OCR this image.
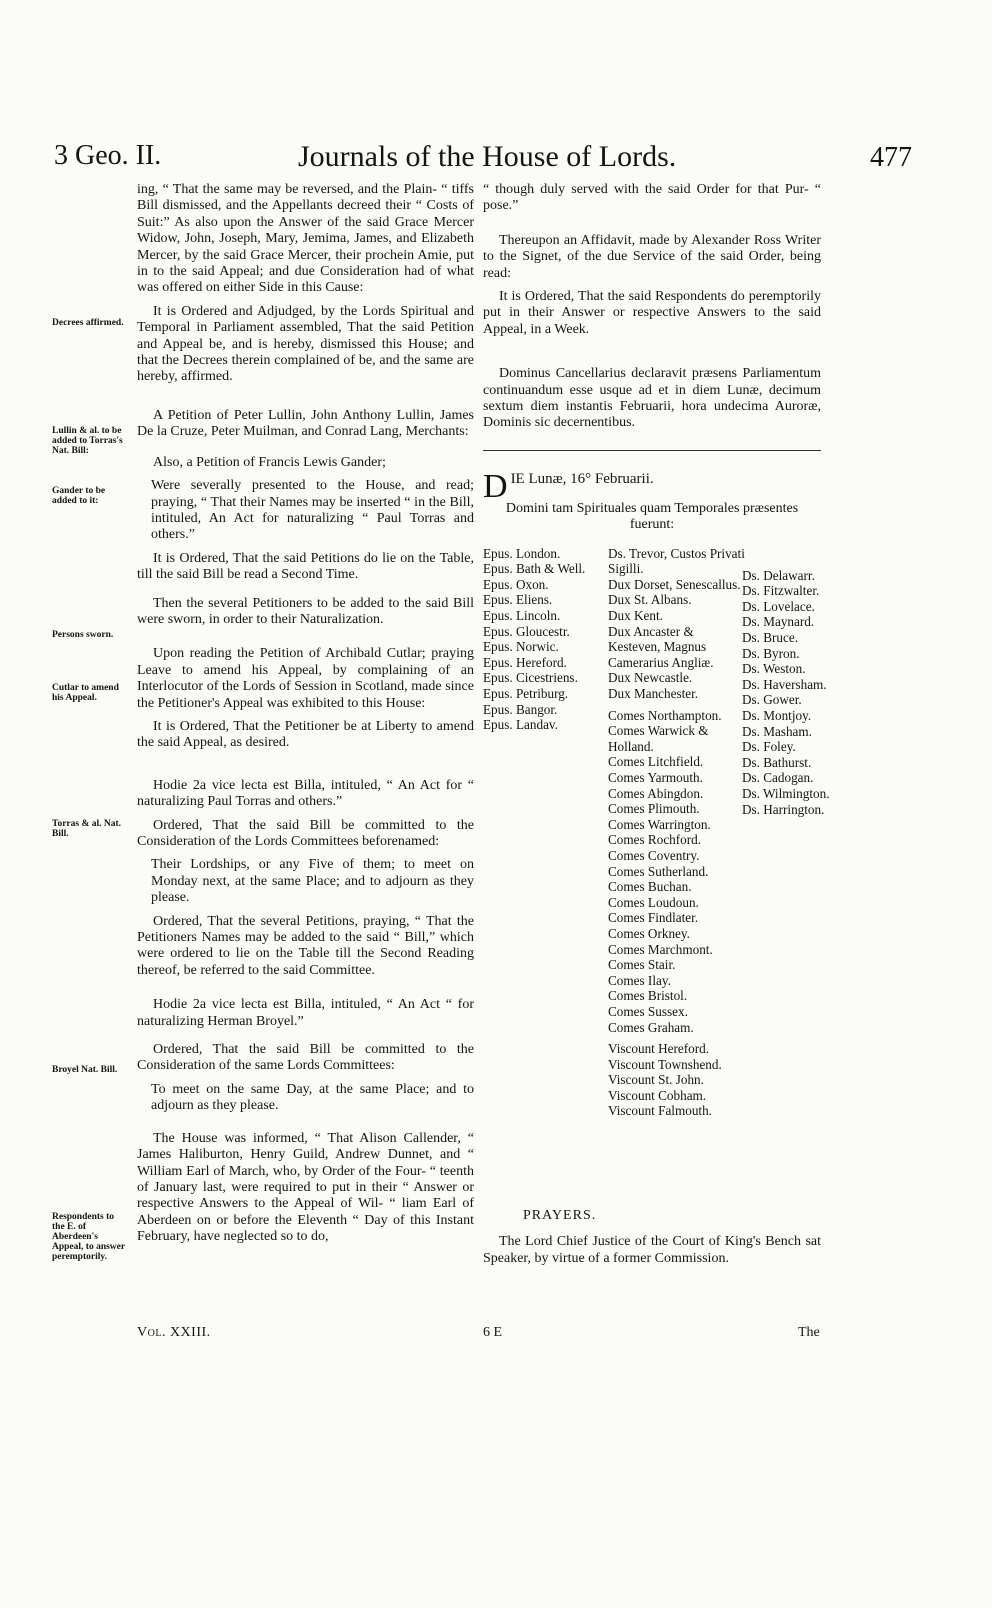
3 Geo. II.	Journals of the House of Lords.	477
Decrees affirmed.
Lullin & al. to be added to Torras's Nat. Bill:
Gander to be added to it:
Persons sworn.
Cutlar to amend his Appeal.
Torras & al. Nat. Bill.
Broyel Nat. Bill.
Respondents to the E. of Aberdeen's Appeal, to answer peremptorily.

ing, “ That the same may be reversed, and the Plain- “ tiffs Bill dismissed, and the Appellants decreed their “ Costs of Suit:” As also upon the Answer of the said Grace Mercer Widow, John, Joseph, Mary, Jemima, James, and Elizabeth Mercer, by the said Grace Mercer, their prochein Amie, put in to the said Appeal; and due Consideration had of what was offered on either Side in this Cause:

It is Ordered and Adjudged, by the Lords Spiritual and Temporal in Parliament assembled, That the said Petition and Appeal be, and is hereby, dismissed this House; and that the Decrees therein complained of be, and the same are hereby, affirmed.

A Petition of Peter Lullin, John Anthony Lullin, James De la Cruze, Peter Muilman, and Conrad Lang, Merchants:

Also, a Petition of Francis Lewis Gander;

Were severally presented to the House, and read; praying, “ That their Names may be inserted “ in the Bill, intituled, An Act for naturalizing “ Paul Torras and others.”

It is Ordered, That the said Petitions do lie on the Table, till the said Bill be read a Second Time.

Then the several Petitioners to be added to the said Bill were sworn, in order to their Naturalization.

Upon reading the Petition of Archibald Cutlar; praying Leave to amend his Appeal, by complaining of an Interlocutor of the Lords of Session in Scotland, made since the Petitioner's Appeal was exhibited to this House:

It is Ordered, That the Petitioner be at Liberty to amend the said Appeal, as desired.

Hodie 2a vice lecta est Billa, intituled, “ An Act for “ naturalizing Paul Torras and others.”

Ordered, That the said Bill be committed to the Consideration of the Lords Committees beforenamed:

Their Lordships, or any Five of them; to meet on Monday next, at the same Place; and to adjourn as they please.

Ordered, That the several Petitions, praying, “ That the Petitioners Names may be added to the said “ Bill,” which were ordered to lie on the Table till the Second Reading thereof, be referred to the said Committee.

Hodie 2a vice lecta est Billa, intituled, “ An Act “ for naturalizing Herman Broyel.”

Ordered, That the said Bill be committed to the Consideration of the same Lords Committees:

To meet on the same Day, at the same Place; and to adjourn as they please.

The House was informed, “ That Alison Callender, “ James Haliburton, Henry Guild, Andrew Dunnet, and “ William Earl of March, who, by Order of the Four- “ teenth of January last, were required to put in their “ Answer or respective Answers to the Appeal of Wil- “ liam Earl of Aberdeen on or before the Eleventh “ Day of this Instant February, have neglected so to do,

“ though duly served with the said Order for that Pur- “ pose.”

Thereupon an Affidavit, made by Alexander Ross Writer to the Signet, of the due Service of the said Order, being read:

It is Ordered, That the said Respondents do peremptorily put in their Answer or respective Answers to the said Appeal, in a Week.

Dominus Cancellarius declaravit præsens Parliamentum continuandum esse usque ad et in diem Lunæ, decimum sextum diem instantis Februarii, hora undecima Auroræ, Dominis sic decernentibus.

D IE Lunæ, 16° Februarii.
Domini tam Spirituales quam Temporales præsentes fuerunt:
Epus. London.
Epus. Bath & Well.
Epus. Oxon.
Epus. Eliens.
Epus. Lincoln.
Epus. Gloucestr.
Epus. Norwic.
Epus. Hereford.
Epus. Cicestriens.
Epus. Petriburg.
Epus. Bangor.
Epus. Landav.
Ds. Trevor, Custos Privati Sigilli.
Dux Dorset, Senescallus.
Dux St. Albans.
Dux Kent.
Dux Ancaster & Kesteven, Magnus Camerarius Angliæ.
Dux Newcastle.
Dux Manchester.
Comes Northampton.
Comes Warwick & Holland.
Comes Litchfield.
Comes Yarmouth.
Comes Abingdon.
Comes Plimouth.
Comes Warrington.
Comes Rochford.
Comes Coventry.
Comes Sutherland.
Comes Buchan.
Comes Loudoun.
Comes Findlater.
Comes Orkney.
Comes Marchmont.
Comes Stair.
Comes Ilay.
Comes Bristol.
Comes Sussex.
Comes Graham.
Viscount Hereford.
Viscount Townshend.
Viscount St. John.
Viscount Cobham.
Viscount Falmouth.
Ds. Delawarr.
Ds. Fitzwalter.
Ds. Lovelace.
Ds. Maynard.
Ds. Bruce.
Ds. Byron.
Ds. Weston.
Ds. Haversham.
Ds. Gower.
Ds. Montjoy.
Ds. Masham.
Ds. Foley.
Ds. Bathurst.
Ds. Cadogan.
Ds. Wilmington.
Ds. Harrington.
PRAYERS.

The Lord Chief Justice of the Court of King's Bench sat Speaker, by virtue of a former Commission.

Vol. XXIII.	6 E	The
